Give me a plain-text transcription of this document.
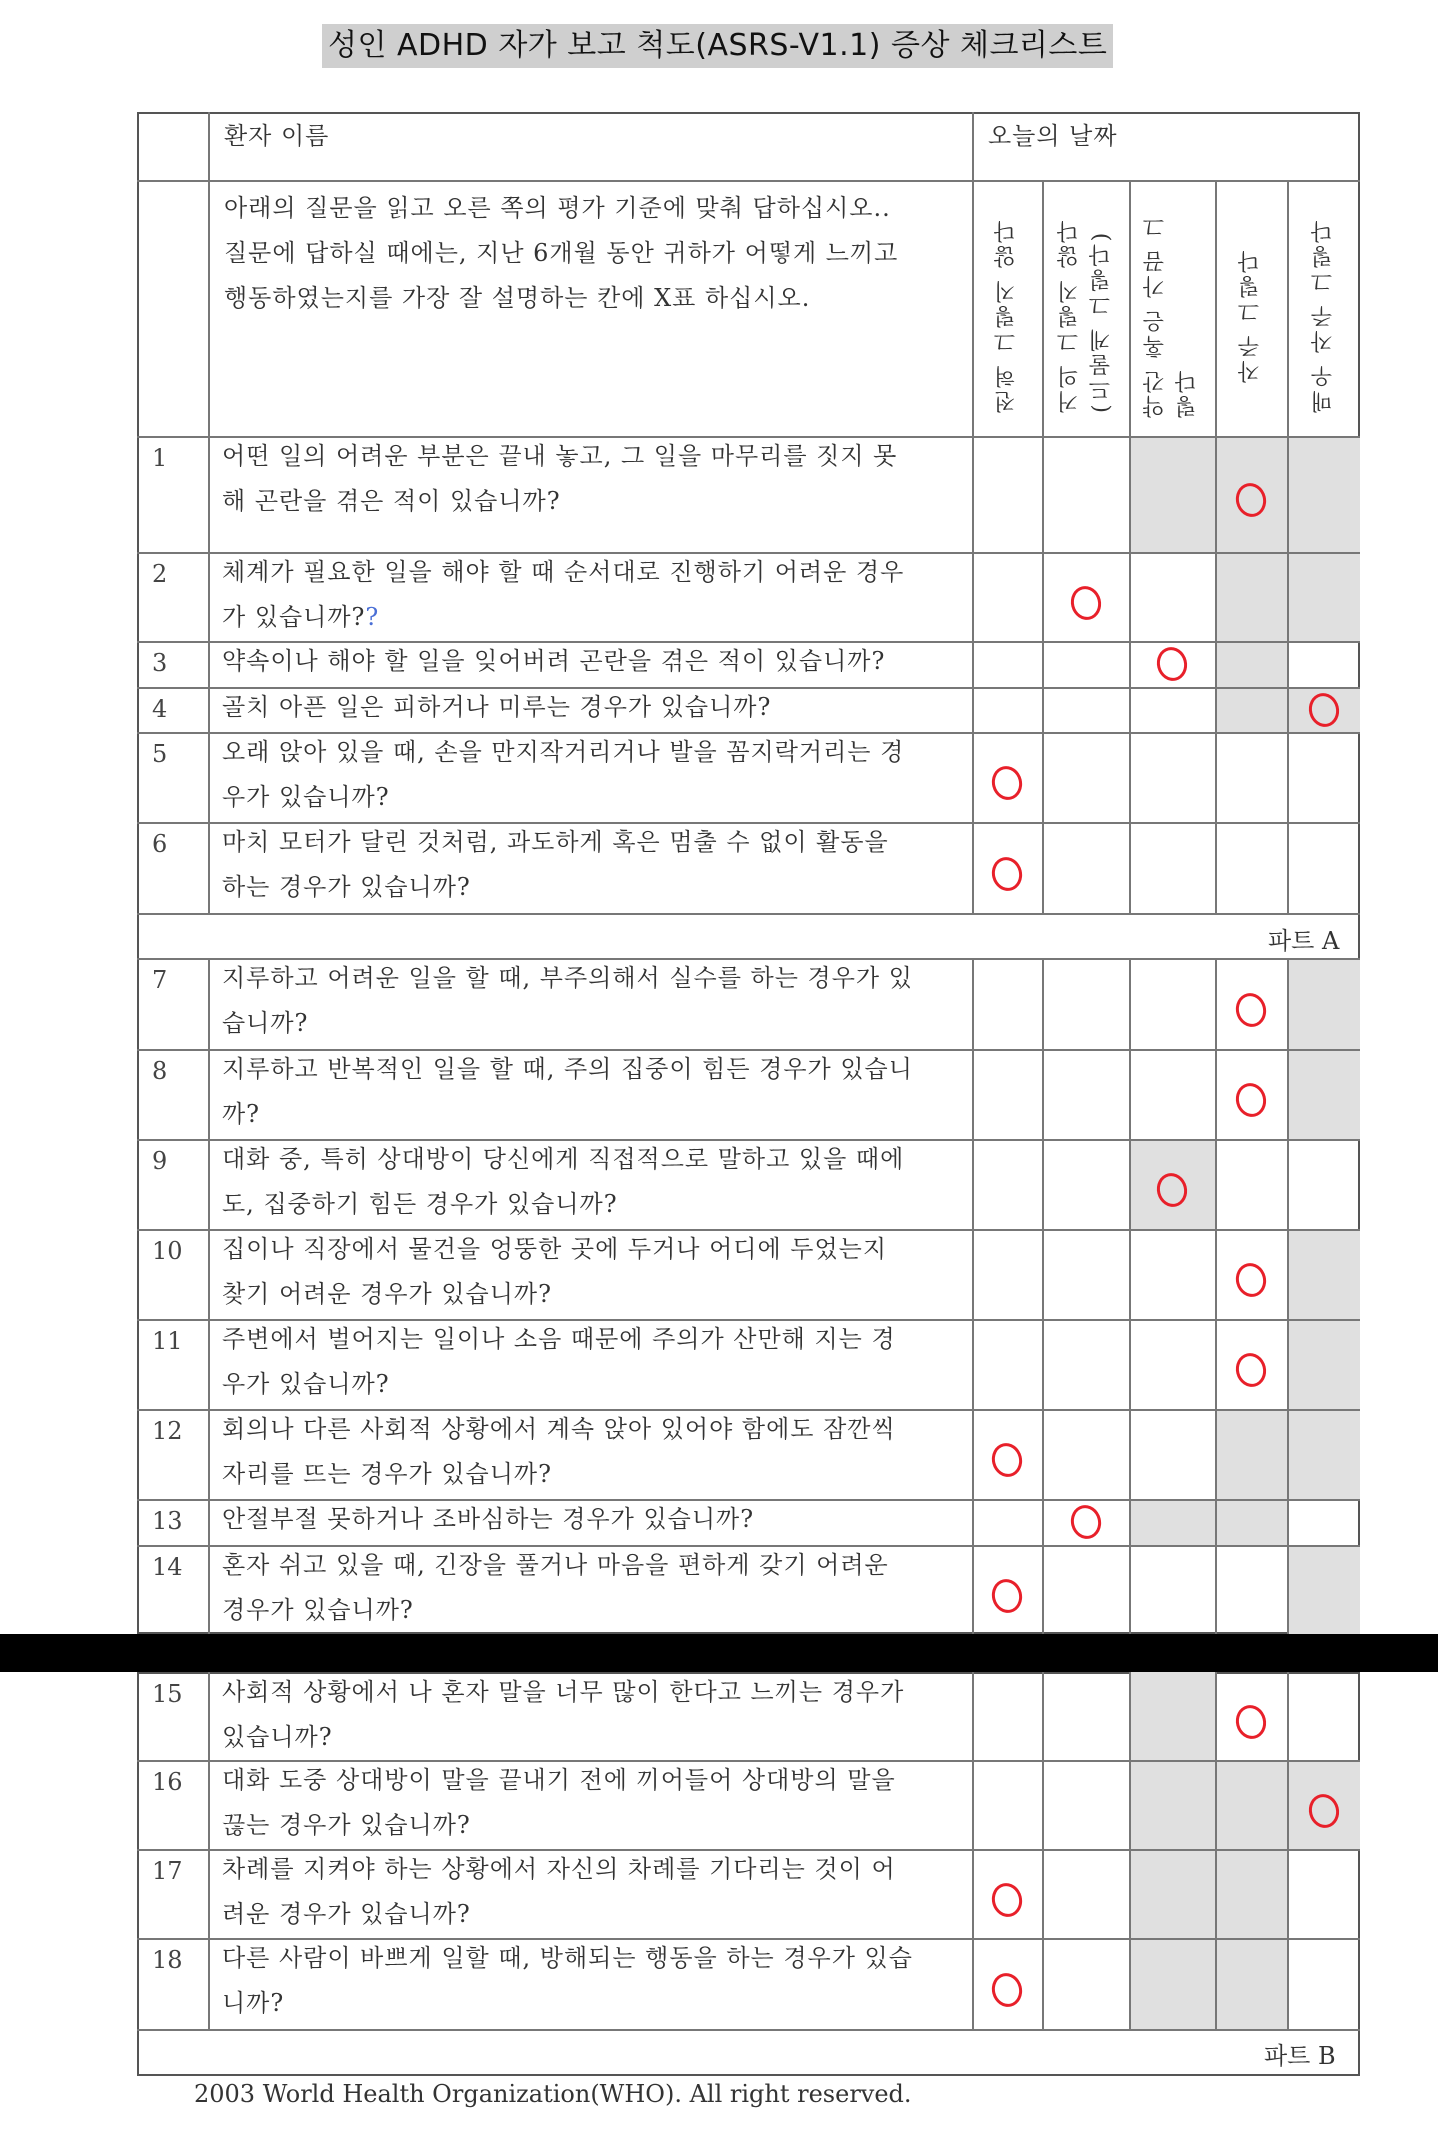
성인 ADHD 자가 보고 척도(ASRS-V1.1) 증상 체크리스트
2003 World Health Organization(WHO). All right reserved.
환자 이름	오늘의 날짜
아래의 질문을 읽고 오른 쪽의 평가 기준에 맞춰 답하십시오..
질문에 답하실 때에는, 지난 6개월 동안 귀하가 어떻게 느끼고
행동하였는지를 가장 잘 설명하는 칸에 X표 하십시오.	전혀 그렇지 않다 거의 그렇지 않다
(드물게 그렇다)
약간 혹은 가끔 그
렇다
자주 그렇다 매우 자주 그렇다
1 어떤 일의 어려운 부분은 끝내 놓고, 그 일을 마무리를 짓지 못
해 곤란을 겪은 적이 있습니까?
2 체계가 필요한 일을 해야 할 때 순서대로 진행하기 어려운 경우
가 있습니까??
3 약속이나 해야 할 일을 잊어버려 곤란을 겪은 적이 있습니까?
4 골치 아픈 일은 피하거나 미루는 경우가 있습니까?
5 오래 앉아 있을 때, 손을 만지작거리거나 발을 꼼지락거리는 경
우가 있습니까?
6 마치 모터가 달린 것처럼, 과도하게 혹은 멈출 수 없이 활동을
하는 경우가 있습니까?
7 지루하고 어려운 일을 할 때, 부주의해서 실수를 하는 경우가 있
습니까?
8 지루하고 반복적인 일을 할 때, 주의 집중이 힘든 경우가 있습니
까?
9 대화 중, 특히 상대방이 당신에게 직접적으로 말하고 있을 때에
도, 집중하기 힘든 경우가 있습니까?
10 집이나 직장에서 물건을 엉뚱한 곳에 두거나 어디에 두었는지
찾기 어려운 경우가 있습니까?
11 주변에서 벌어지는 일이나 소음 때문에 주의가 산만해 지는 경
우가 있습니까?
12 회의나 다른 사회적 상황에서 계속 앉아 있어야 함에도 잠깐씩
자리를 뜨는 경우가 있습니까?
13 안절부절 못하거나 조바심하는 경우가 있습니까?
14 혼자 쉬고 있을 때, 긴장을 풀거나 마음을 편하게 갖기 어려운
경우가 있습니까?
15 사회적 상황에서 나 혼자 말을 너무 많이 한다고 느끼는 경우가
있습니까?
16 대화 도중 상대방이 말을 끝내기 전에 끼어들어 상대방의 말을
끊는 경우가 있습니까?
17 차례를 지켜야 하는 상황에서 자신의 차례를 기다리는 것이 어
려운 경우가 있습니까?
18 다른 사람이 바쁘게 일할 때, 방해되는 행동을 하는 경우가 있습
니까?
파트 A
파트 B
